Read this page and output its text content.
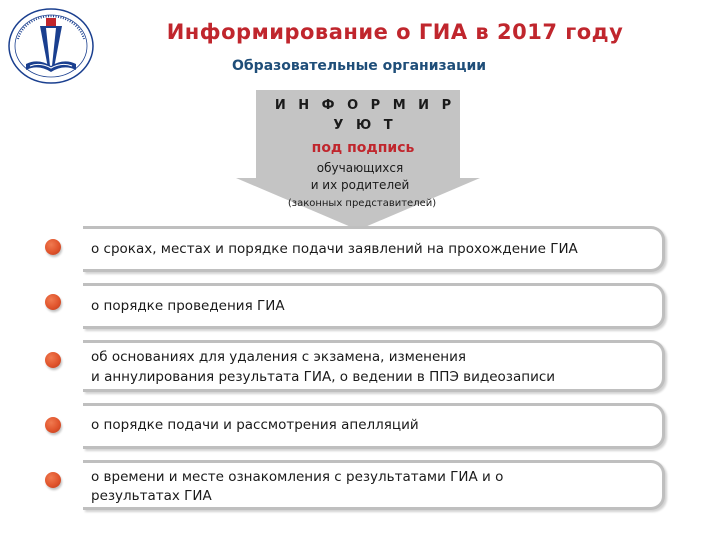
Информирование о ГИА в 2017 году
Образовательные организации
И Н Ф О Р М И Р У Ю Т
под подпись
обучающихся
и их родителей
(законных представителей)
о сроках, местах и порядке подачи заявлений на прохождение ГИА
о порядке проведения ГИА
об основаниях для удаления с экзамена, изменения
и аннулирования результата ГИА, о ведении в ППЭ видеозаписи
о порядке подачи и рассмотрения апелляций
о времени и месте ознакомления с результатами ГИА и о
результатах ГИА
